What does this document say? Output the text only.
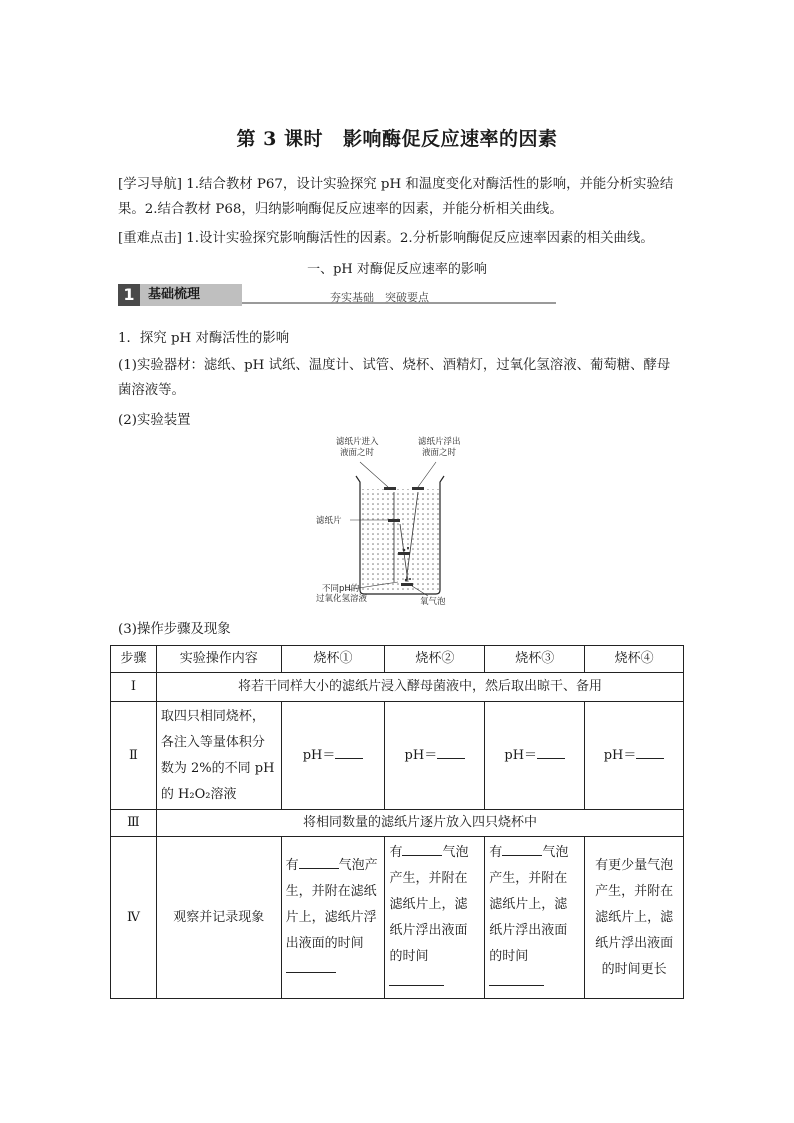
第 3 课时 影响酶促反应速率的因素
[学习导航] 1.结合教材 P67，设计实验探究 pH 和温度变化对酶活性的影响，并能分析实验结果。2.结合教材 P68，归纳影响酶促反应速率的因素，并能分析相关曲线。
[重难点击] 1.设计实验探究影响酶活性的因素。2.分析影响酶促反应速率因素的相关曲线。
一、pH 对酶促反应速率的影响
1	基础梳理	夯实基础　突破要点
1．探究 pH 对酶活性的影响
(1)实验器材：滤纸、pH 试纸、温度计、试管、烧杯、酒精灯，过氧化氢溶液、葡萄糖、酵母菌溶液等。
(2)实验装置
滤纸片进入液面之时
滤纸片浮出液面之时
滤纸片
不同pH的过氧化氢溶液	氧气泡
(3)操作步骤及现象
步骤	实验操作内容	烧杯①	烧杯②	烧杯③	烧杯④
Ⅰ	将若干同样大小的滤纸片浸入酵母菌液中，然后取出晾干、备用				
Ⅱ	取四只相同烧杯，各注入等量体积分数为 2%的不同 pH 的 H₂O₂溶液	pH＝	pH＝	pH＝	pH＝
Ⅲ	将相同数量的滤纸片逐片放入四只烧杯中				
Ⅳ	观察并记录现象	有 气泡产生，并附在滤纸片上，滤纸片浮出液面的时间	有 气泡产生，并附在滤纸片上，滤纸片浮出液面的时间	有 气泡产生，并附在滤纸片上，滤纸片浮出液面的时间	有更少量气泡产生，并附在滤纸片上，滤纸片浮出液面的时间更长
